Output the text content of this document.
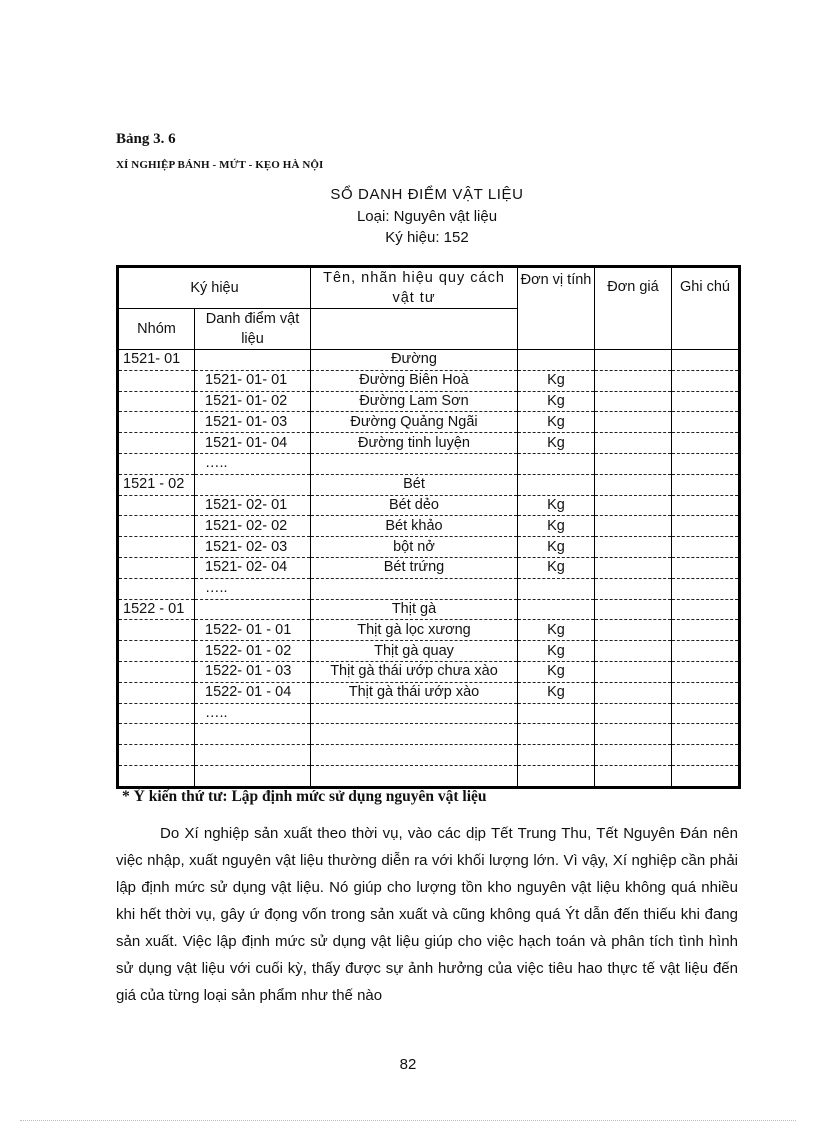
Bảng 3. 6
XÍ NGHIỆP BÁNH - MỨT - KẸO HÀ NỘI
SỔ DANH ĐIỂM VẬT LIỆU
Loại: Nguyên vật liệu
Ký hiệu: 152
Ký hiệu		Tên, nhãn hiệu quy cách vật tư	Đơn vị tính	Đơn giá	Ghi chú
Nhóm	Danh điểm vật liệu				
1521- 01		Đường			
	1521- 01- 01	Đường Biên Hoà	Kg		
	1521- 01- 02	Đường Lam Sơn	Kg		
	1521- 01- 03	Đường Quảng Ngãi	Kg		
	1521- 01- 04	Đường tinh luyện	Kg		
	…..				
1521 - 02		Bét			
	1521- 02- 01	Bét dẻo	Kg		
	1521- 02- 02	Bét khảo	Kg		
	1521- 02- 03	bột nở	Kg		
	1521- 02- 04	Bét trứng	Kg		
	…..				
1522 - 01		Thịt gà			
	1522- 01 - 01	Thịt gà lọc xương	Kg		
	1522- 01 - 02	Thịt gà quay	Kg		
	1522- 01 - 03	Thịt gà thái ướp chưa xào	Kg		
	1522- 01 - 04	Thịt gà thái ướp xào	Kg		
	…..				

* Ý kiến thứ tư: Lập định mức sử dụng nguyên vật liệu

Do Xí nghiệp sản xuất theo thời vụ, vào các dịp Tết Trung Thu, Tết Nguyên Đán nên việc nhập, xuất nguyên vật liệu thường diễn ra với khối lượng lớn. Vì vậy, Xí nghiệp cần phải lập định mức sử dụng vật liệu. Nó giúp cho lượng tồn kho nguyên vật liệu không quá nhiều khi hết thời vụ, gây ứ đọng vốn trong sản xuất và cũng không quá Ýt dẫn đến thiếu khi đang sản xuất. Việc lập định mức sử dụng vật liệu giúp cho việc hạch toán và phân tích tình hình sử dụng vật liệu với cuối kỳ, thấy được sự ảnh hưởng của việc tiêu hao thực tế vật liệu đến giá của từng loại sản phẩm như thế nào

82
